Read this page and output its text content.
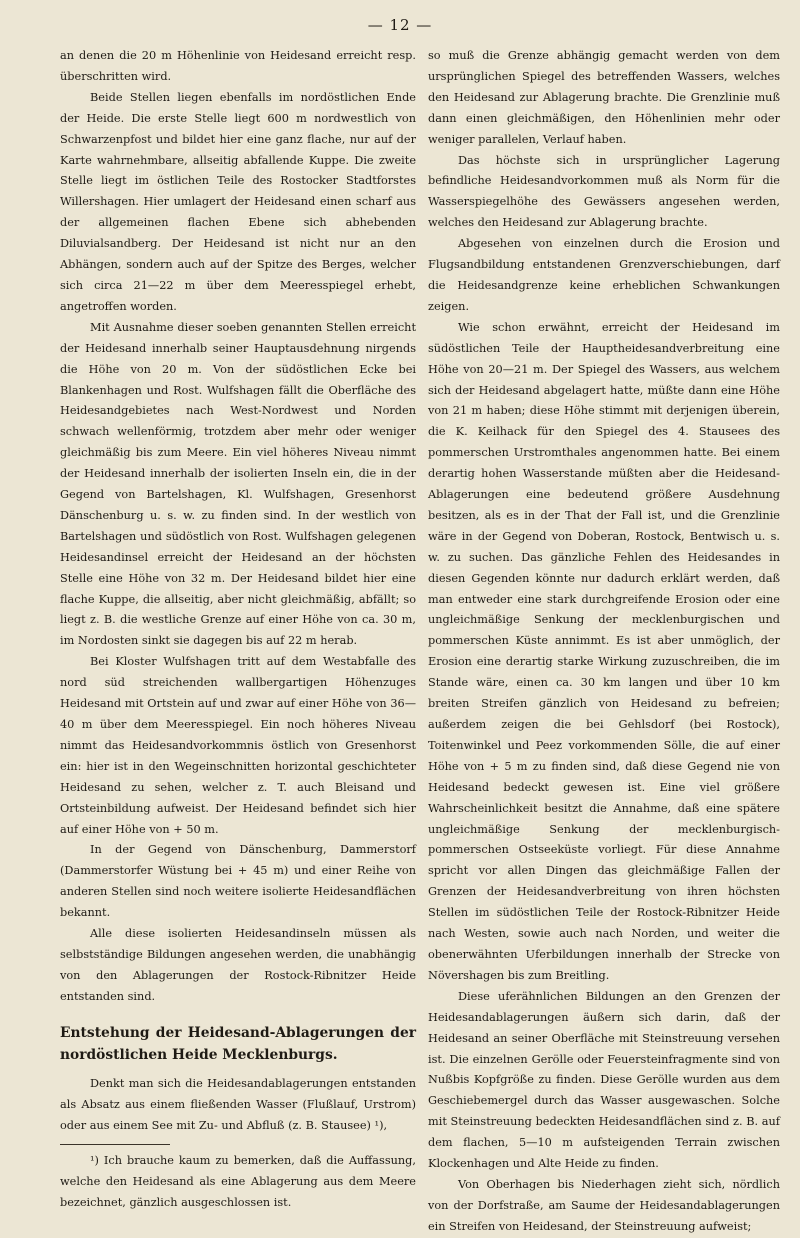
— 12 —

an denen die 20 m Höhenlinie von Heidesand erreicht resp. überschritten wird.

Beide Stellen liegen ebenfalls im nordöstlichen Ende der Heide. Die erste Stelle liegt 600 m nordwestlich von Schwarzenpfost und bildet hier eine ganz flache, nur auf der Karte wahrnehmbare, allseitig abfallende Kuppe. Die zweite Stelle liegt im östlichen Teile des Rostocker Stadtforstes Willershagen. Hier umlagert der Heidesand einen scharf aus der allgemeinen flachen Ebene sich abhebenden Diluvialsandberg. Der Heidesand ist nicht nur an den Abhängen, sondern auch auf der Spitze des Berges, welcher sich circa 21—22 m über dem Meeresspiegel erhebt, angetroffen worden.

Mit Ausnahme dieser soeben genannten Stellen erreicht der Heidesand innerhalb seiner Hauptausdehnung nirgends die Höhe von 20 m. Von der südöstlichen Ecke bei Blankenhagen und Rost. Wulfshagen fällt die Oberfläche des Heidesandgebietes nach West-Nordwest und Norden schwach wellenförmig, trotzdem aber mehr oder weniger gleichmäßig bis zum Meere. Ein viel höheres Niveau nimmt der Heidesand innerhalb der isolierten Inseln ein, die in der Gegend von Bartelshagen, Kl. Wulfshagen, Gresenhorst Dänschenburg u. s. w. zu finden sind. In der westlich von Bartelshagen und südöstlich von Rost. Wulfshagen gelegenen Heidesandinsel erreicht der Heidesand an der höchsten Stelle eine Höhe von 32 m. Der Heidesand bildet hier eine flache Kuppe, die allseitig, aber nicht gleichmäßig, abfällt; so liegt z. B. die westliche Grenze auf einer Höhe von ca. 30 m, im Nordosten sinkt sie dagegen bis auf 22 m herab.

Bei Kloster Wulfshagen tritt auf dem Westabfalle des nord süd streichenden wallbergartigen Höhenzuges Heidesand mit Ortstein auf und zwar auf einer Höhe von 36—40 m über dem Meeresspiegel. Ein noch höheres Niveau nimmt das Heidesandvorkommnis östlich von Gresenhorst ein: hier ist in den Wegeinschnitten horizontal geschichteter Heidesand zu sehen, welcher z. T. auch Bleisand und Ortsteinbildung aufweist. Der Heidesand befindet sich hier auf einer Höhe von + 50 m.

In der Gegend von Dänschenburg, Dammerstorf (Dammerstorfer Wüstung bei + 45 m) und einer Reihe von anderen Stellen sind noch weitere isolierte Heidesandflächen bekannt.

Alle diese isolierten Heidesandinseln müssen als selbstständige Bildungen angesehen werden, die unabhängig von den Ablagerungen der Rostock-Ribnitzer Heide entstanden sind.

Entstehung der Heidesand-Ablagerungen der nordöstlichen Heide Mecklenburgs.

Denkt man sich die Heidesandablagerungen entstanden als Absatz aus einem fließenden Wasser (Flußlauf, Urstrom) oder aus einem See mit Zu- und Abfluß (z. B. Stausee) ¹),

¹) Ich brauche kaum zu bemerken, daß die Auffassung, welche den Heidesand als eine Ablagerung aus dem Meere bezeichnet, gänzlich ausgeschlossen ist.

so muß die Grenze abhängig gemacht werden von dem ursprünglichen Spiegel des betreffenden Wassers, welches den Heidesand zur Ablagerung brachte. Die Grenzlinie muß dann einen gleichmäßigen, den Höhenlinien mehr oder weniger parallelen, Verlauf haben.

Das höchste sich in ursprünglicher Lagerung befindliche Heidesandvorkommen muß als Norm für die Wasserspiegelhöhe des Gewässers angesehen werden, welches den Heidesand zur Ablagerung brachte.

Abgesehen von einzelnen durch die Erosion und Flugsandbildung entstandenen Grenzverschiebungen, darf die Heidesandgrenze keine erheblichen Schwankungen zeigen.

Wie schon erwähnt, erreicht der Heidesand im südöstlichen Teile der Hauptheidesandverbreitung eine Höhe von 20—21 m. Der Spiegel des Wassers, aus welchem sich der Heidesand abgelagert hatte, müßte dann eine Höhe von 21 m haben; diese Höhe stimmt mit derjenigen überein, die K. Keilhack für den Spiegel des 4. Stausees des pommerschen Urstromthales angenommen hatte. Bei einem derartig hohen Wasserstande müßten aber die Heidesand-Ablagerungen eine bedeutend größere Ausdehnung besitzen, als es in der That der Fall ist, und die Grenzlinie wäre in der Gegend von Doberan, Rostock, Bentwisch u. s. w. zu suchen. Das gänzliche Fehlen des Heidesandes in diesen Gegenden könnte nur dadurch erklärt werden, daß man entweder eine stark durchgreifende Erosion oder eine ungleichmäßige Senkung der mecklenburgischen und pommerschen Küste annimmt. Es ist aber unmöglich, der Erosion eine derartig starke Wirkung zuzuschreiben, die im Stande wäre, einen ca. 30 km langen und über 10 km breiten Streifen gänzlich von Heidesand zu befreien; außerdem zeigen die bei Gehlsdorf (bei Rostock), Toitenwinkel und Peez vorkommenden Sölle, die auf einer Höhe von + 5 m zu finden sind, daß diese Gegend nie von Heidesand bedeckt gewesen ist. Eine viel größere Wahrscheinlichkeit besitzt die Annahme, daß eine spätere ungleichmäßige Senkung der mecklenburgisch-pommerschen Ostseeküste vorliegt. Für diese Annahme spricht vor allen Dingen das gleichmäßige Fallen der Grenzen der Heidesandverbreitung von ihren höchsten Stellen im südöstlichen Teile der Rostock-Ribnitzer Heide nach Westen, sowie auch nach Norden, und weiter die obenerwähnten Uferbildungen innerhalb der Strecke von Növershagen bis zum Breitling.

Diese uferähnlichen Bildungen an den Grenzen der Heidesandablagerungen äußern sich darin, daß der Heidesand an seiner Oberfläche mit Steinstreuung versehen ist. Die einzelnen Gerölle oder Feuersteinfragmente sind von Nußbis Kopfgröße zu finden. Diese Gerölle wurden aus dem Geschiebemergel durch das Wasser ausgewaschen. Solche mit Steinstreuung bedeckten Heidesandflächen sind z. B. auf dem flachen, 5—10 m aufsteigenden Terrain zwischen Klockenhagen und Alte Heide zu finden.

Von Oberhagen bis Niederhagen zieht sich, nördlich von der Dorfstraße, am Saume der Heidesandablagerungen ein Streifen von Heidesand, der Steinstreuung aufweist;
